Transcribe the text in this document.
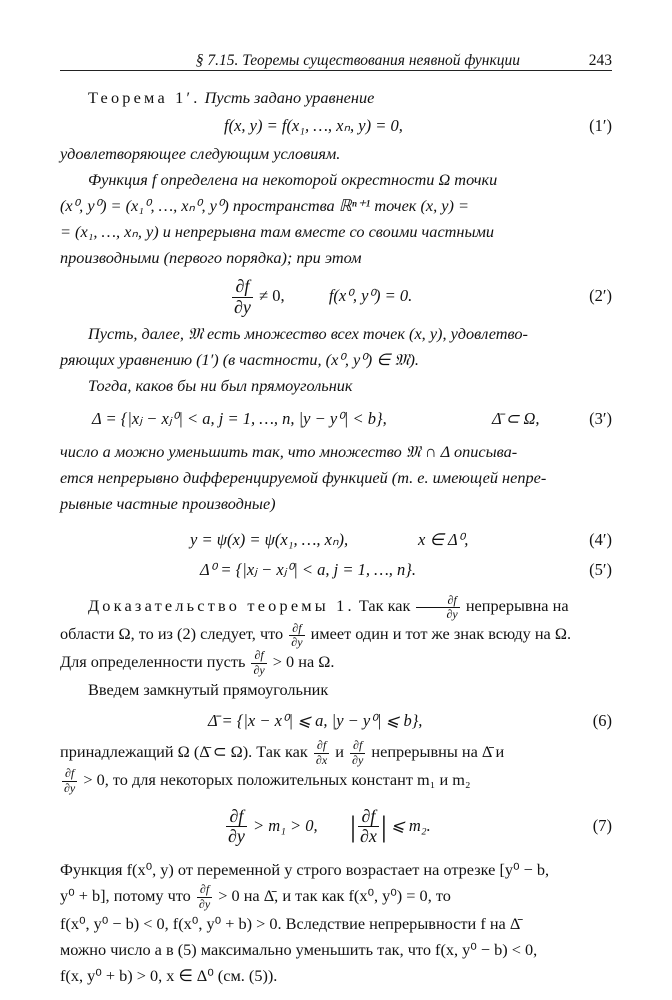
§ 7.15. Теоремы существования неявной функции	243

Теорема 1′. Пусть задано уравнение

f(x, y) = f(x₁, …, xₙ, y) = 0,	(1′)

удовлетворяющее следующим условиям.

Функция f определена на некоторой окрестности Ω точки

(x⁰, y⁰) = (x₁⁰, …, xₙ⁰, y⁰) пространства ℝⁿ⁺¹ точек (x, y) =

= (x₁, …, xₙ, y) и непрерывна там вместе со своими частными

производными (первого порядка); при этом

$\frac{\partial f}{\partial y} \ne 0$,	f(x⁰, y⁰) = 0.	(2′)

Пусть, далее, 𝔐 есть множество всех точек (x, y), удовлетво-

ряющих уравнению (1′) (в частности, (x⁰, y⁰) ∈ 𝔐).

Тогда, каков бы ни был прямоугольник

Δ = {|xⱼ − xⱼ⁰| < a, j = 1, …, n, |y − y⁰| < b},	Δ̄ ⊂ Ω,	(3′)

число a можно уменьшить так, что множество 𝔐 ∩ Δ описыва-

ется непрерывно дифференцируемой функцией (т. е. имеющей непре-

рывные частные производные)

y = ψ(x) = ψ(x₁, …, xₙ),	x ∈ Δ⁰,	(4′)
Δ⁰ = {|xⱼ − xⱼ⁰| < a, j = 1, …, n}.	(5′)

Доказательство теоремы 1. Так как $\frac{\partial f}{\partial y}$ непрерывна на

области Ω, то из (2) следует, что $\frac{\partial f}{\partial y}$ имеет один и тот же знак всюду на Ω.

Для определенности пусть $\frac{\partial f}{\partial y} > 0$ на Ω.

Введем замкнутый прямоугольник

Δ̄ = {|x − x⁰| ⩽ a, |y − y⁰| ⩽ b},	(6)

принадлежащий Ω (Δ̄ ⊂ Ω). Так как $\frac{\partial f}{\partial x}$ и $\frac{\partial f}{\partial y}$ непрерывны на Δ̄ и

$\frac{\partial f}{\partial y} > 0$, то для некоторых положительных констант m₁ и m₂

$\frac{\partial f}{\partial y} > m_1 > 0$, | $\frac{\partial f}{\partial x}$ | ⩽ m₂.	(7)

Функция f(x⁰, y) от переменной y строго возрастает на отрезке [y⁰ − b,

y⁰ + b], потому что $\frac{\partial f}{\partial y} > 0$ на Δ̄, и так как f(x⁰, y⁰) = 0, то

f(x⁰, y⁰ − b) < 0, f(x⁰, y⁰ + b) > 0. Вследствие непрерывности f на Δ̄

можно число a в (5) максимально уменьшить так, что f(x, y⁰ − b) < 0,

f(x, y⁰ + b) > 0, x ∈ Δ⁰ (см. (5)).
